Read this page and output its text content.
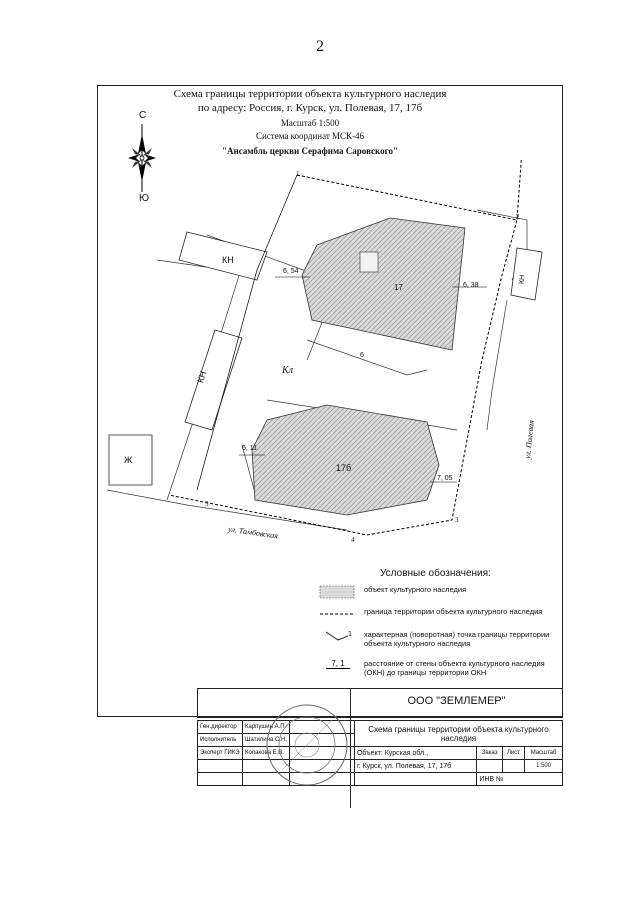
2
Схема границы территории объекта культурного наследия
по адресу: Россия, г. Курск, ул. Полевая, 17, 17б
Масштаб 1:500
Система координат МСК-46
"Ансамбль церкви Серафима Саровского"
С
Ю
КН
КН
КН
Ж
Кл
17
17б
6, 54
6, 38
6, 11
7, 05
6
ул. Тамбовская
ул. Полевая
1
2
3
4
5
Условные обозначения:
объект культурного наследия
граница территории объекта культурного наследия
1 характерная (поворотная) точка границы территории объекта культурного наследия
7, 1	расстояние от стены объекта культурного наследия (ОКН) до границы территории ОКН
ООО "ЗЕМЛЕМЕР"
Ген.директор	Карпушин А.П.		Схема границы территории объекта культурного наследия			
Исполнитель	Шатилина С.Н.					
Эксперт ГИКЭ	Копакова Е.В.		Объект: Курская обл.,	Заказ	Лист	Масштаб
			г. Курск, ул. Полевая, 17, 17б			1:500
				ИНВ №		
